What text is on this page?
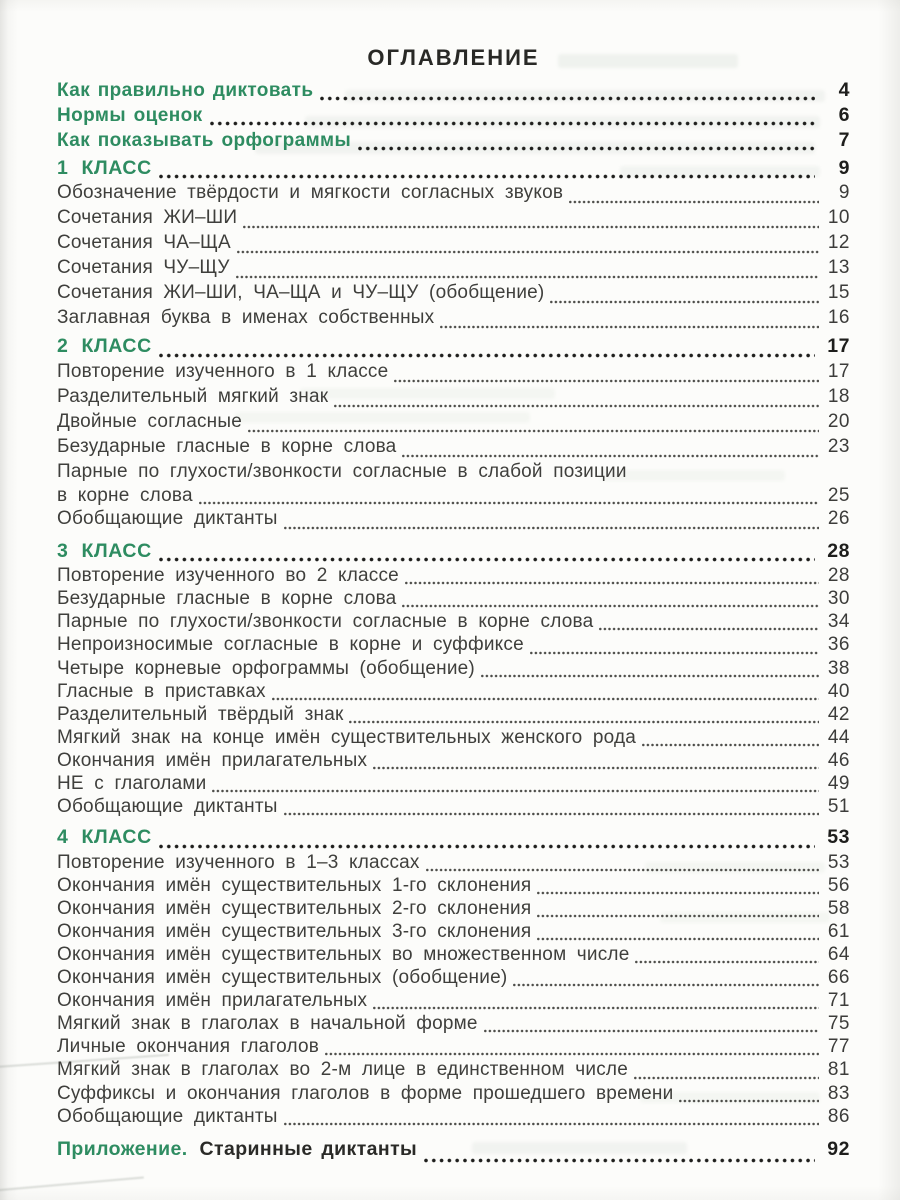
ОГЛАВЛЕНИЕ
Как правильно диктовать	4
Нормы оценок	6
Как показывать орфограммы	7
1 КЛАСС	9
Обозначение твёрдости и мягкости согласных звуков	9
Сочетания ЖИ–ШИ	10
Сочетания ЧА–ЩА	12
Сочетания ЧУ–ЩУ	13
Сочетания ЖИ–ШИ, ЧА–ЩА и ЧУ–ЩУ (обобщение)	15
Заглавная буква в именах собственных	16
2 КЛАСС	17
Повторение изученного в 1 классе	17
Разделительный мягкий знак	18
Двойные согласные	20
Безударные гласные в корне слова	23
Парные по глухости/звонкости согласные в слабой позиции
в корне слова	25
Обобщающие диктанты	26
3 КЛАСС	28
Повторение изученного во 2 классе	28
Безударные гласные в корне слова	30
Парные по глухости/звонкости согласные в корне слова	34
Непроизносимые согласные в корне и суффиксе	36
Четыре корневые орфограммы (обобщение)	38
Гласные в приставках	40
Разделительный твёрдый знак	42
Мягкий знак на конце имён существительных женского рода	44
Окончания имён прилагательных	46
НЕ с глаголами	49
Обобщающие диктанты	51
4 КЛАСС	53
Повторение изученного в 1–3 классах	53
Окончания имён существительных 1-го склонения	56
Окончания имён существительных 2-го склонения	58
Окончания имён существительных 3-го склонения	61
Окончания имён существительных во множественном числе	64
Окончания имён существительных (обобщение)	66
Окончания имён прилагательных	71
Мягкий знак в глаголах в начальной форме	75
Личные окончания глаголов	77
Мягкий знак в глаголах во 2-м лице в единственном числе	81
Суффиксы и окончания глаголов в форме прошедшего времени	83
Обобщающие диктанты	86
Приложение. Старинные диктанты	92
